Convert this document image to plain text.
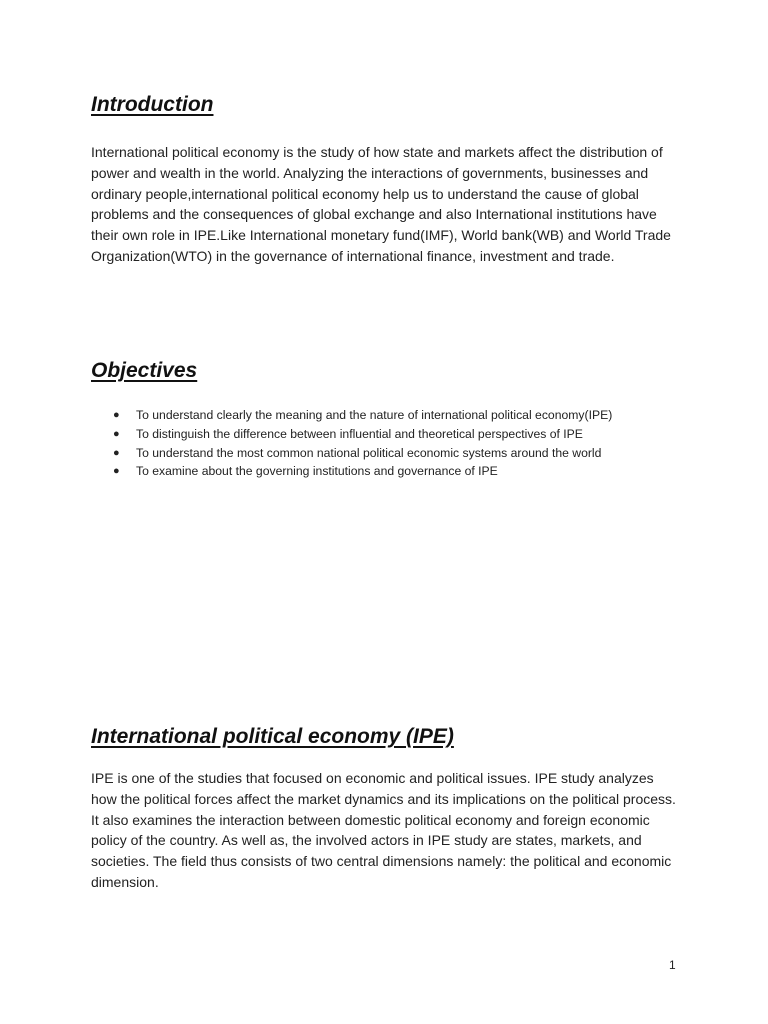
Introduction

International political economy is the study of how state and markets affect the distribution of power and wealth in the world. Analyzing the interactions of governments, businesses and ordinary people,international political economy help us to understand the cause of global problems and the consequences of global exchange and also International institutions have their own role in IPE.Like International monetary fund(IMF), World bank(WB) and World Trade Organization(WTO) in the governance of international finance, investment and trade.

Objectives
● To understand clearly the meaning and the nature of international political economy(IPE)
● To distinguish the difference between influential and theoretical perspectives of IPE
● To understand the most common national political economic systems around the world
● To examine about the governing institutions and governance of IPE
International political economy (IPE)

IPE is one of the studies that focused on economic and political issues. IPE study analyzes how the political forces affect the market dynamics and its implications on the political process. It also examines the interaction between domestic political economy and foreign economic policy of the country. As well as, the involved actors in IPE study are states, markets, and societies. The field thus consists of two central dimensions namely: the political and economic dimension.

1
